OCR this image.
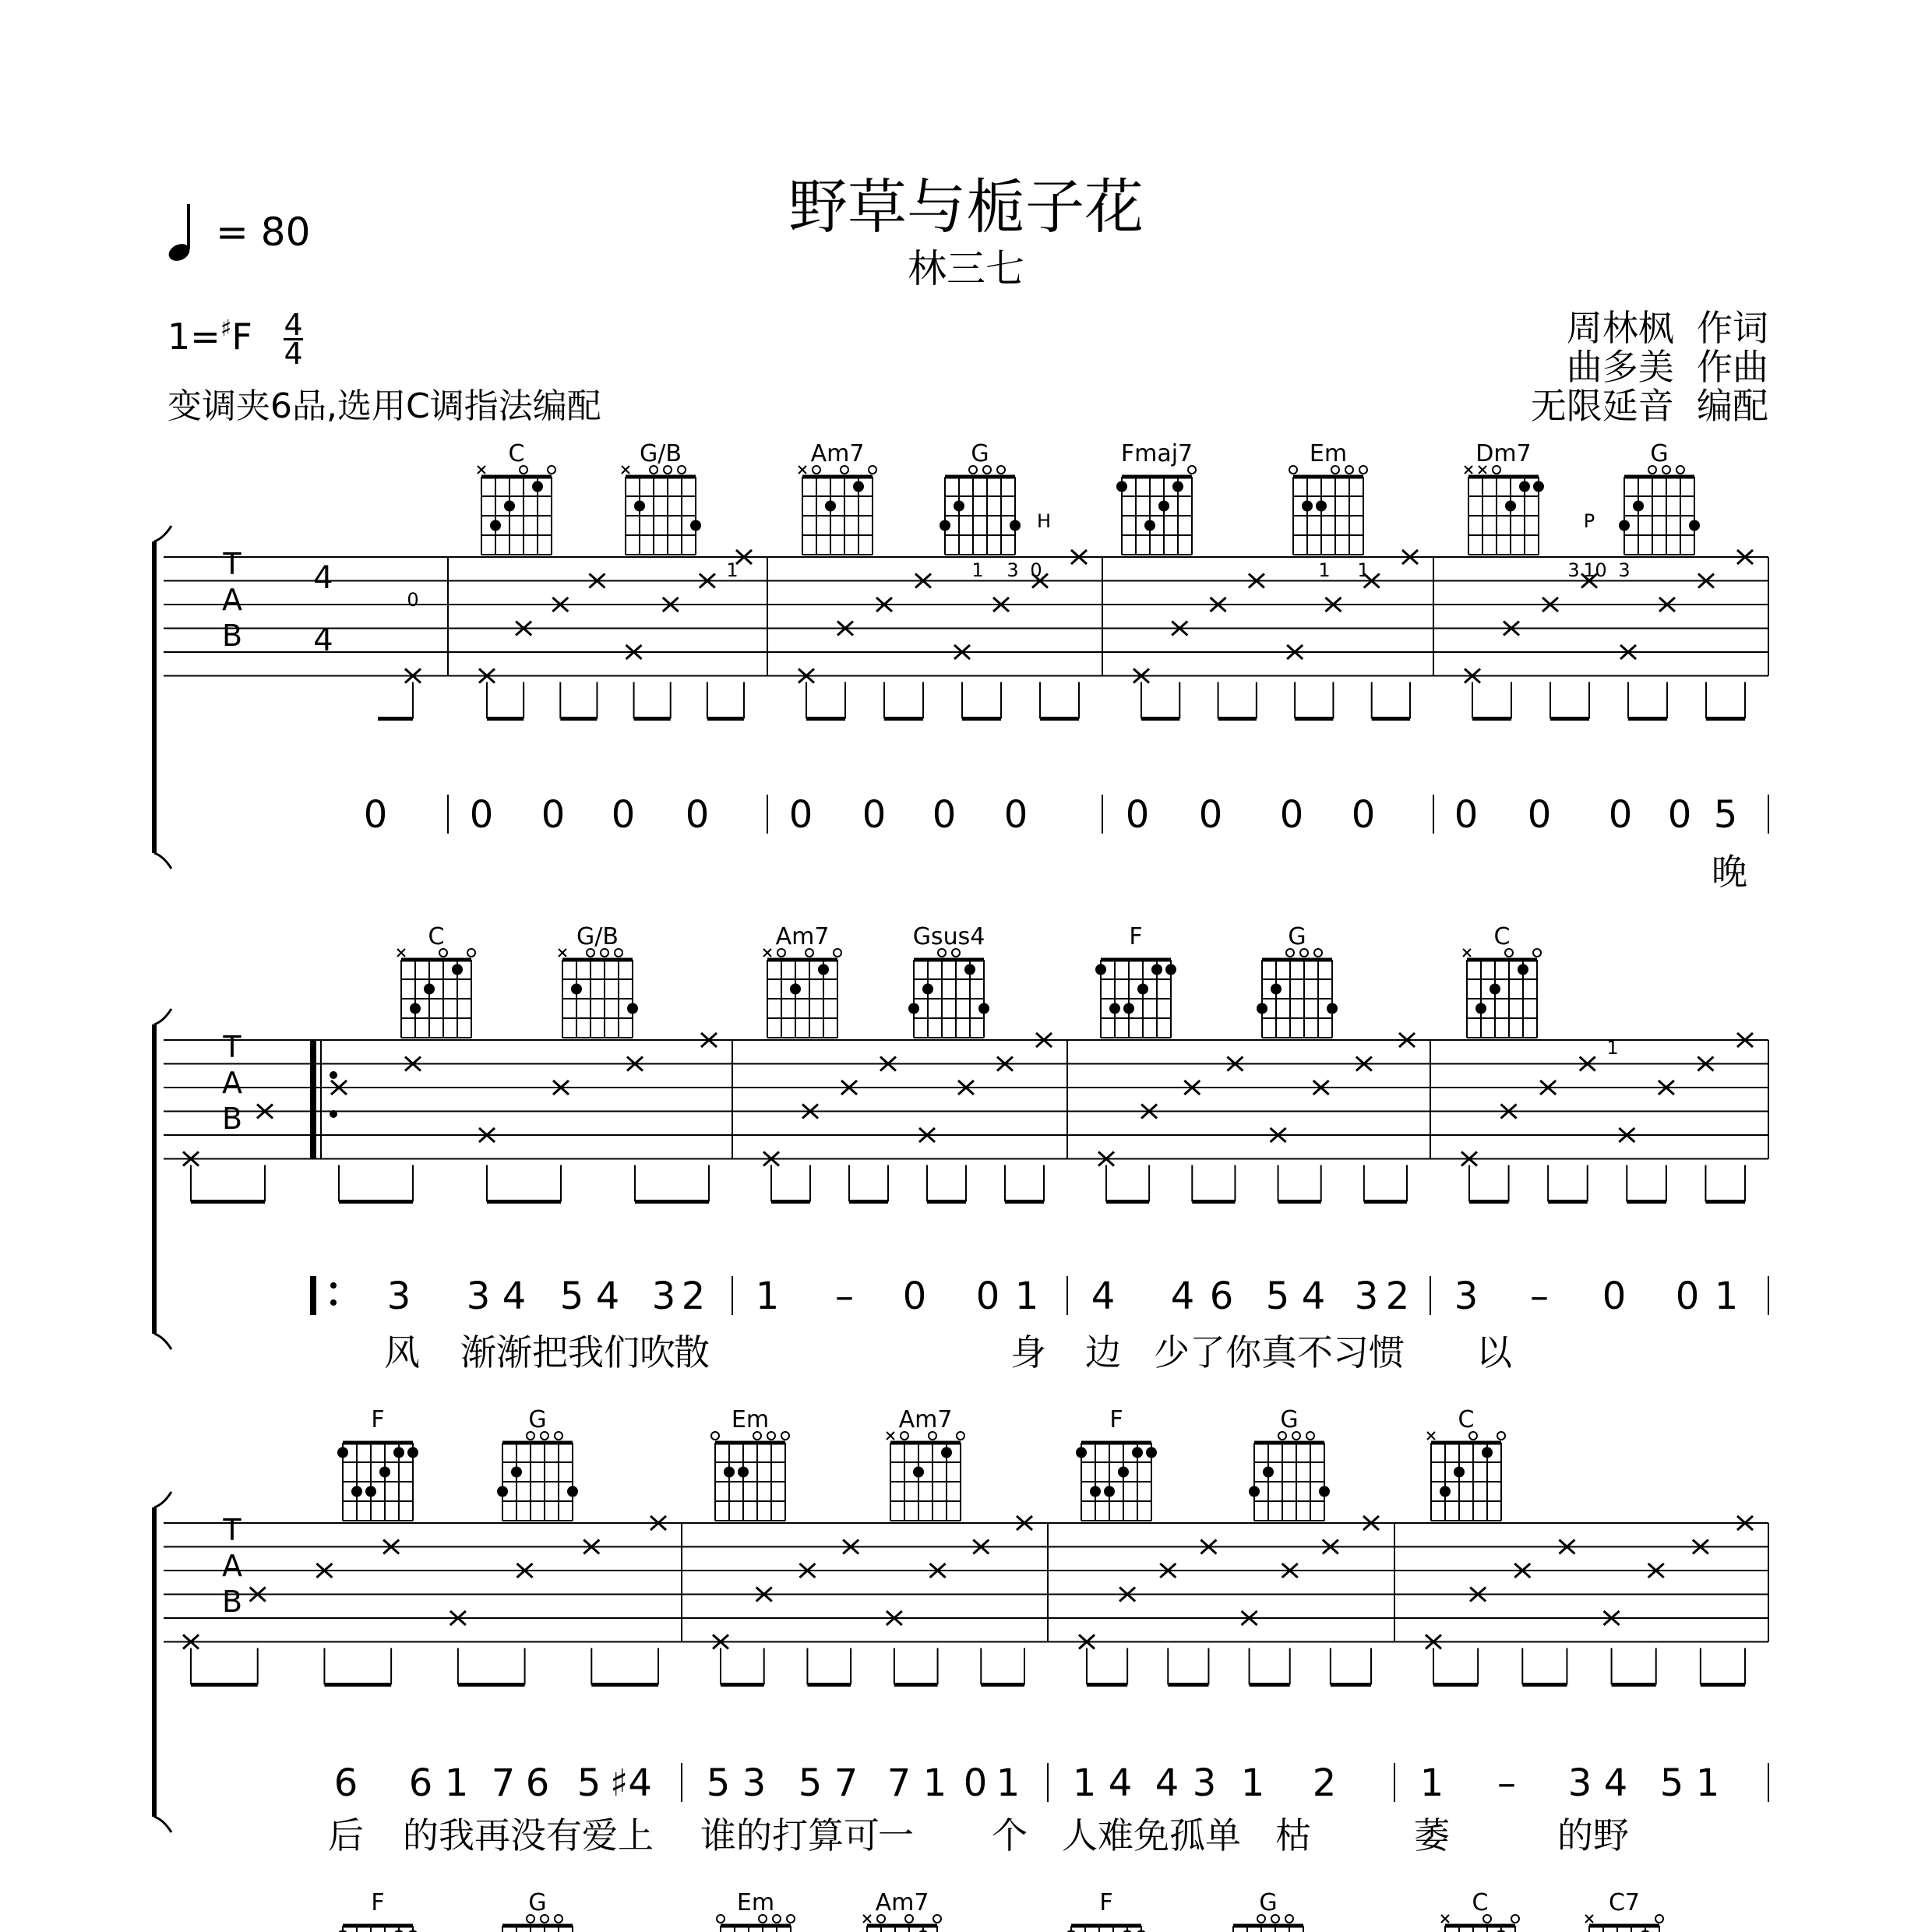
野草与栀子花
林三七
= 80
$1=^♯F \frac{4}{4}$
变调夹6品,选用C调指法编配
周林枫  作词
曲多美  作曲
无限延音  编配
C	G/B	Am7	G	Fmaj7	Em	Dm7	G
T
A
B
0 0 0 0 0 0 0 0 0	0 0 0 0 0 0 0 0 5
晚
0
1	1 3 0	1 1	3 1 0 3
H	P
4
4
C	G/B	Am7	Gsus4	F	G	C
T
A
B
3 3 4 5 4 3 2 1 – 0 0 1 4 4 6 5 4 3 2 3 – 0 0 1
风 渐 渐 把 我 们 吹
散	身 边 少 了 你 真 不 习 惯 以
1
F	G	Em	Am7	F	G	C
T
A
B
6 6 1 7 6 5 ♯4 5 3 5 7 7 1 0 1 1 4 4 3 1 2 1 – 3 4 5 1
后 的 我 再 没 有 爱 上 谁 的 打 算 可
一 个 人 难 免 孤 单 枯	萎	的 野
F	G	Em	Am7	F	G	C	C7
